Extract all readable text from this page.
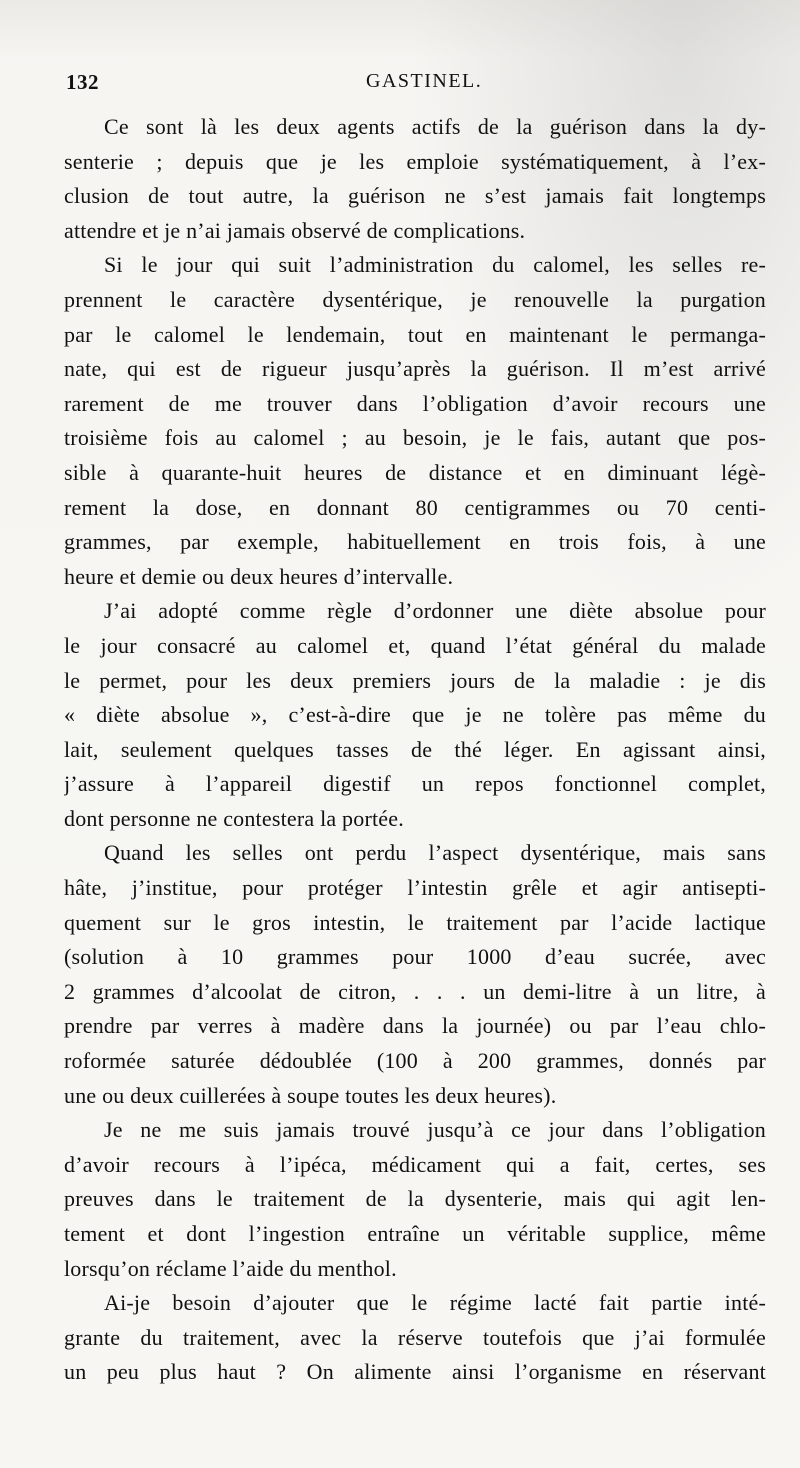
132	GASTINEL.
Ce sont là les deux agents actifs de la guérison dans la dy-
senterie ; depuis que je les emploie systématiquement, à l’ex-
clusion de tout autre, la guérison ne s’est jamais fait longtemps
attendre et je n’ai jamais observé de complications.
Si le jour qui suit l’administration du calomel, les selles re-
prennent le caractère dysentérique, je renouvelle la purgation
par le calomel le lendemain, tout en maintenant le permanga-
nate, qui est de rigueur jusqu’après la guérison. Il m’est arrivé
rarement de me trouver dans l’obligation d’avoir recours une
troisième fois au calomel ; au besoin, je le fais, autant que pos-
sible à quarante-huit heures de distance et en diminuant légè-
rement la dose, en donnant 80 centigrammes ou 70 centi-
grammes, par exemple, habituellement en trois fois, à une
heure et demie ou deux heures d’intervalle.
J’ai adopté comme règle d’ordonner une diète absolue pour
le jour consacré au calomel et, quand l’état général du malade
le permet, pour les deux premiers jours de la maladie : je dis
« diète absolue », c’est-à-dire que je ne tolère pas même du
lait, seulement quelques tasses de thé léger. En agissant ainsi,
j’assure à l’appareil digestif un repos fonctionnel complet,
dont personne ne contestera la portée.
Quand les selles ont perdu l’aspect dysentérique, mais sans
hâte, j’institue, pour protéger l’intestin grêle et agir antisepti-
quement sur le gros intestin, le traitement par l’acide lactique
(solution à 10 grammes pour 1000 d’eau sucrée, avec
2 grammes d’alcoolat de citron, . . . un demi-litre à un litre, à
prendre par verres à madère dans la journée) ou par l’eau chlo-
roformée saturée dédoublée (100 à 200 grammes, donnés par
une ou deux cuillerées à soupe toutes les deux heures).
Je ne me suis jamais trouvé jusqu’à ce jour dans l’obligation
d’avoir recours à l’ipéca, médicament qui a fait, certes, ses
preuves dans le traitement de la dysenterie, mais qui agit len-
tement et dont l’ingestion entraîne un véritable supplice, même
lorsqu’on réclame l’aide du menthol.
Ai-je besoin d’ajouter que le régime lacté fait partie inté-
grante du traitement, avec la réserve toutefois que j’ai formulée
un peu plus haut ? On alimente ainsi l’organisme en réservant
